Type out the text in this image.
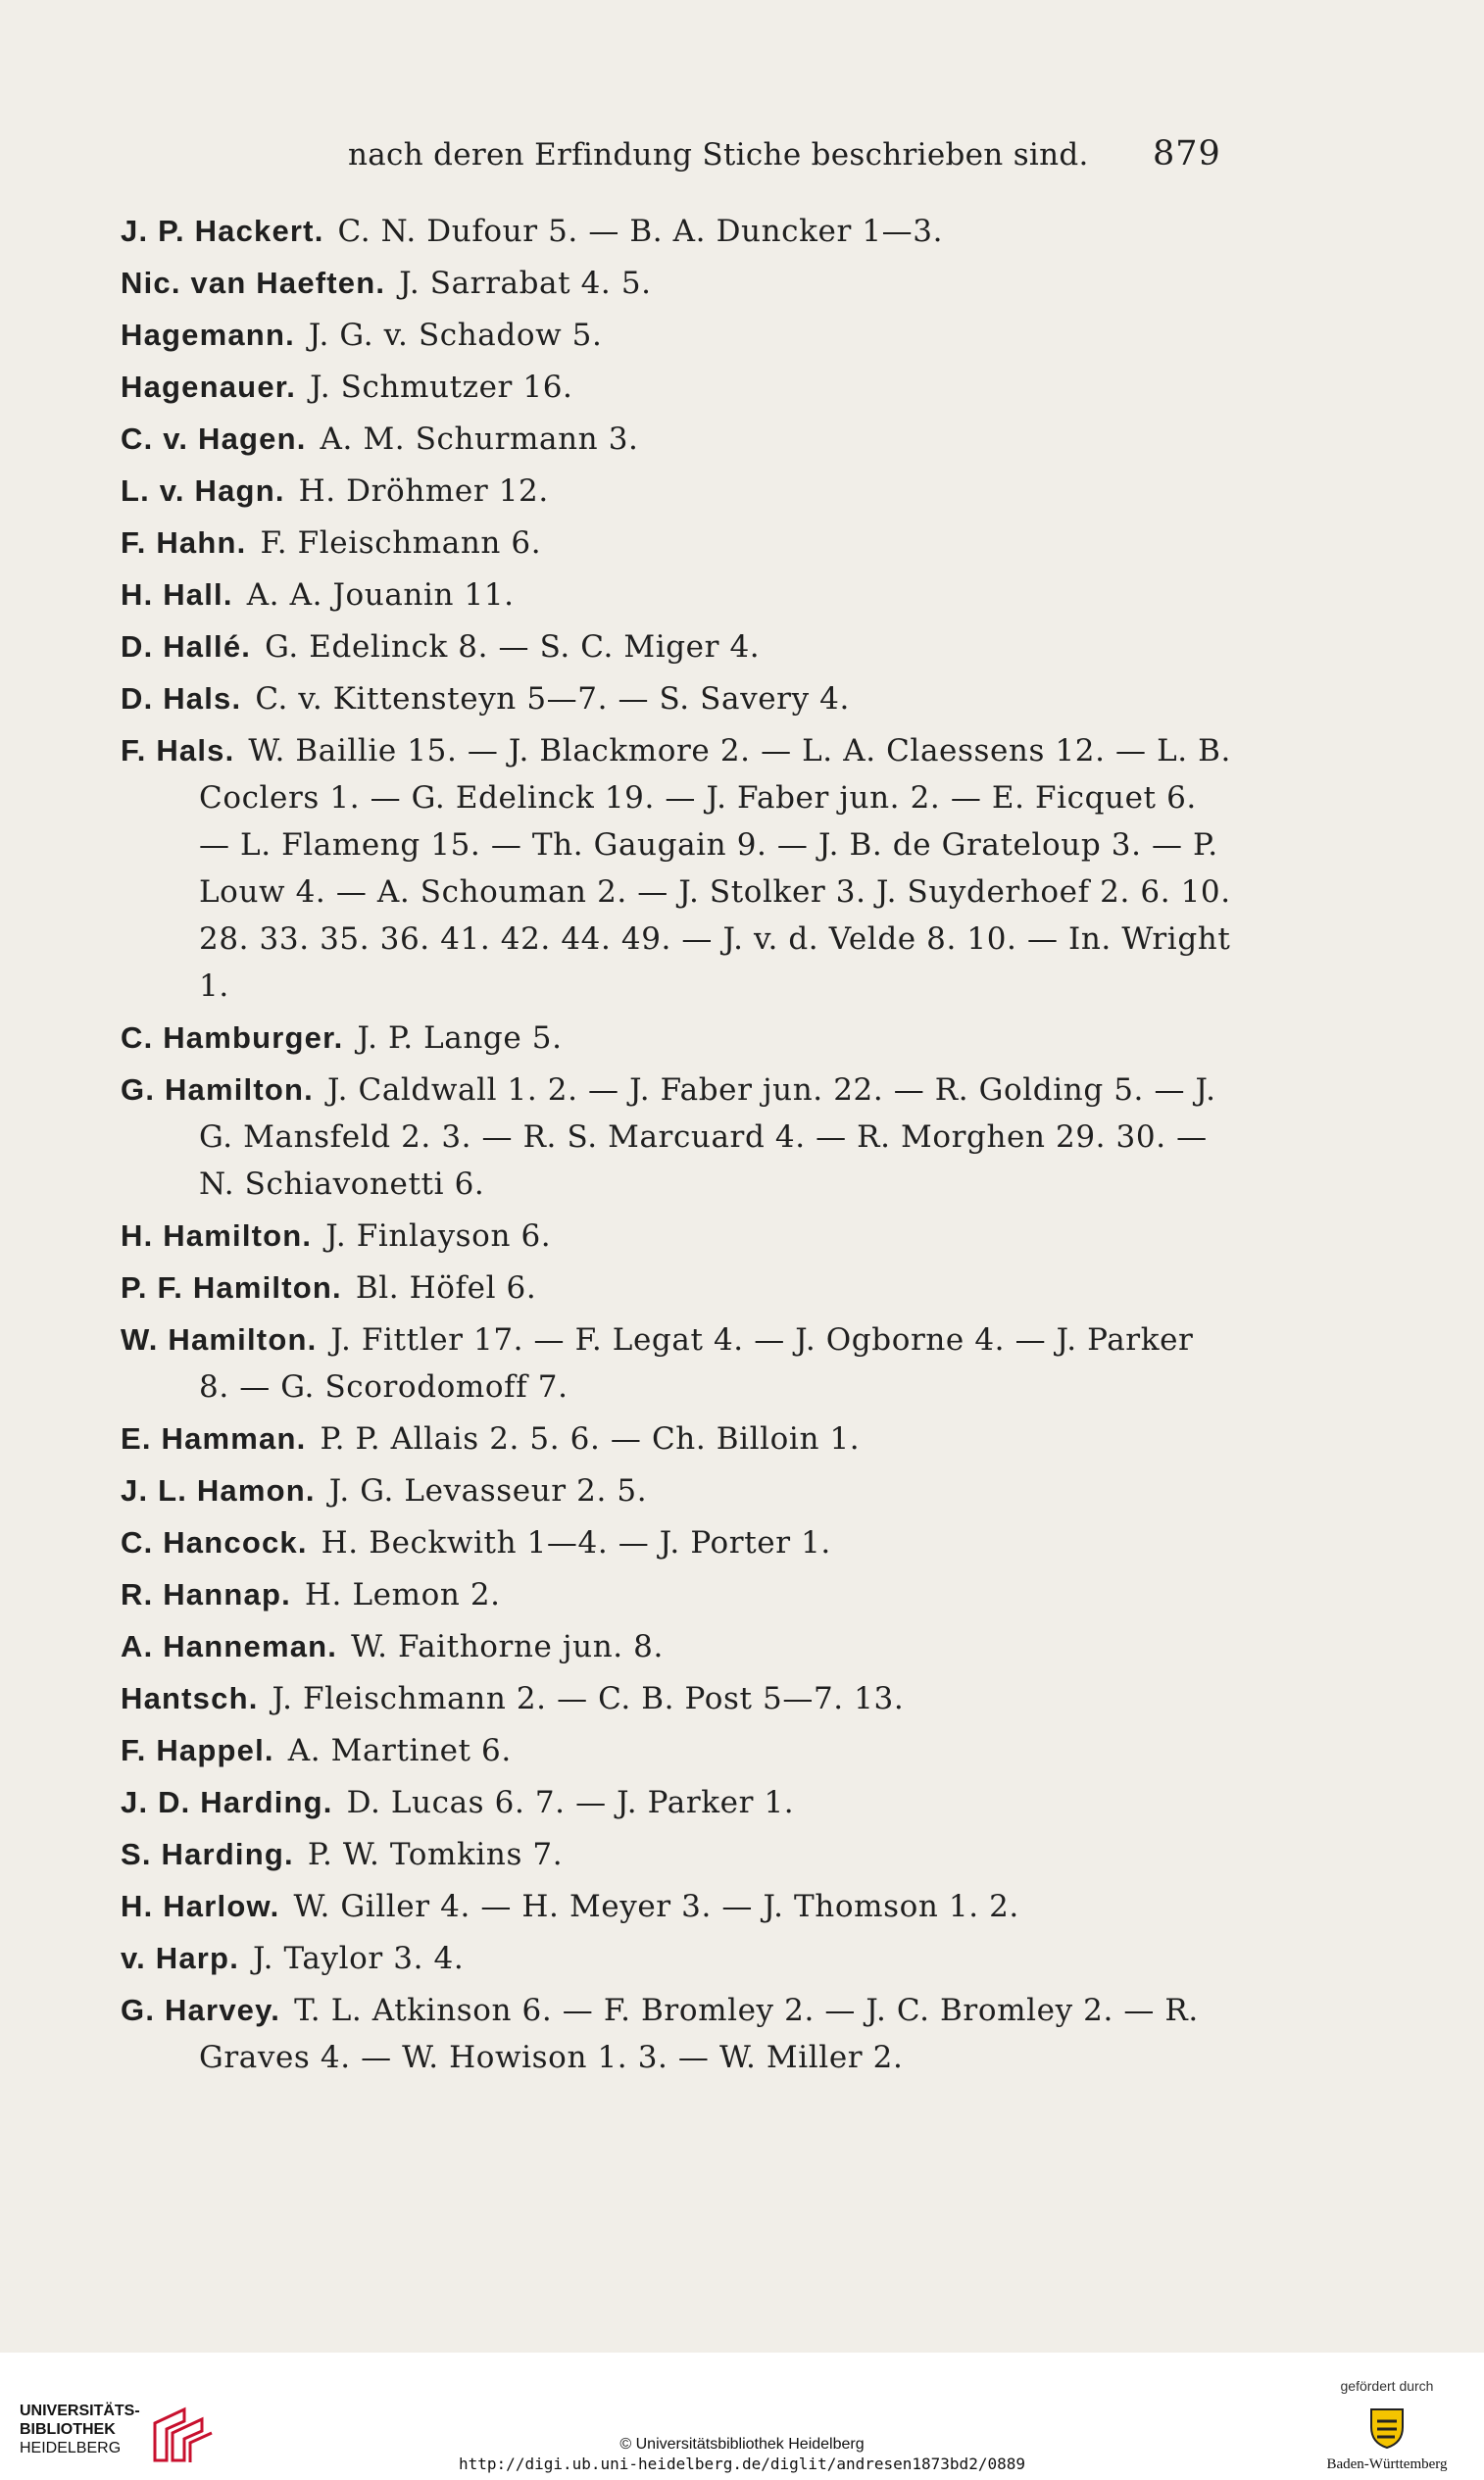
nach deren Erfindung Stiche beschrieben sind. 879
J. P. Hackert. C. N. Dufour 5. — B. A. Duncker 1—3.
Nic. van Haeften. J. Sarrabat 4. 5.
Hagemann. J. G. v. Schadow 5.
Hagenauer. J. Schmutzer 16.
C. v. Hagen. A. M. Schurmann 3.
L. v. Hagn. H. Dröhmer 12.
F. Hahn. F. Fleischmann 6.
H. Hall. A. A. Jouanin 11.
D. Hallé. G. Edelinck 8. — S. C. Miger 4.
D. Hals. C. v. Kittensteyn 5—7. — S. Savery 4.
F. Hals. W. Baillie 15. — J. Blackmore 2. — L. A. Claessens 12. — L. B. Coclers 1. — G. Edelinck 19. — J. Faber jun. 2. — E. Ficquet 6. — L. Flameng 15. — Th. Gaugain 9. — J. B. de Grateloup 3. — P. Louw 4. — A. Schouman 2. — J. Stolker 3. J. Suyderhoef 2. 6. 10. 28. 33. 35. 36. 41. 42. 44. 49. — J. v. d. Velde 8. 10. — In. Wright 1.
C. Hamburger. J. P. Lange 5.
G. Hamilton. J. Caldwall 1. 2. — J. Faber jun. 22. — R. Golding 5. — J. G. Mansfeld 2. 3. — R. S. Marcuard 4. — R. Morghen 29. 30. — N. Schiavonetti 6.
H. Hamilton. J. Finlayson 6.
P. F. Hamilton. Bl. Höfel 6.
W. Hamilton. J. Fittler 17. — F. Legat 4. — J. Ogborne 4. — J. Parker 8. — G. Scorodomoff 7.
E. Hamman. P. P. Allais 2. 5. 6. — Ch. Billoin 1.
J. L. Hamon. J. G. Levasseur 2. 5.
C. Hancock. H. Beckwith 1—4. — J. Porter 1.
R. Hannap. H. Lemon 2.
A. Hanneman. W. Faithorne jun. 8.
Hantsch. J. Fleischmann 2. — C. B. Post 5—7. 13.
F. Happel. A. Martinet 6.
J. D. Harding. D. Lucas 6. 7. — J. Parker 1.
S. Harding. P. W. Tomkins 7.
H. Harlow. W. Giller 4. — H. Meyer 3. — J. Thomson 1. 2.
v. Harp. J. Taylor 3. 4.
G. Harvey. T. L. Atkinson 6. — F. Bromley 2. — J. C. Bromley 2. — R. Graves 4. — W. Howison 1. 3. — W. Miller 2.
UNIVERSITÄTS-
BIBLIOTHEK
HEIDELBERG	© Universitätsbibliothek Heidelberg
http://digi.ub.uni-heidelberg.de/diglit/andresen1873bd2/0889
gefördert durch
Baden-Württemberg
